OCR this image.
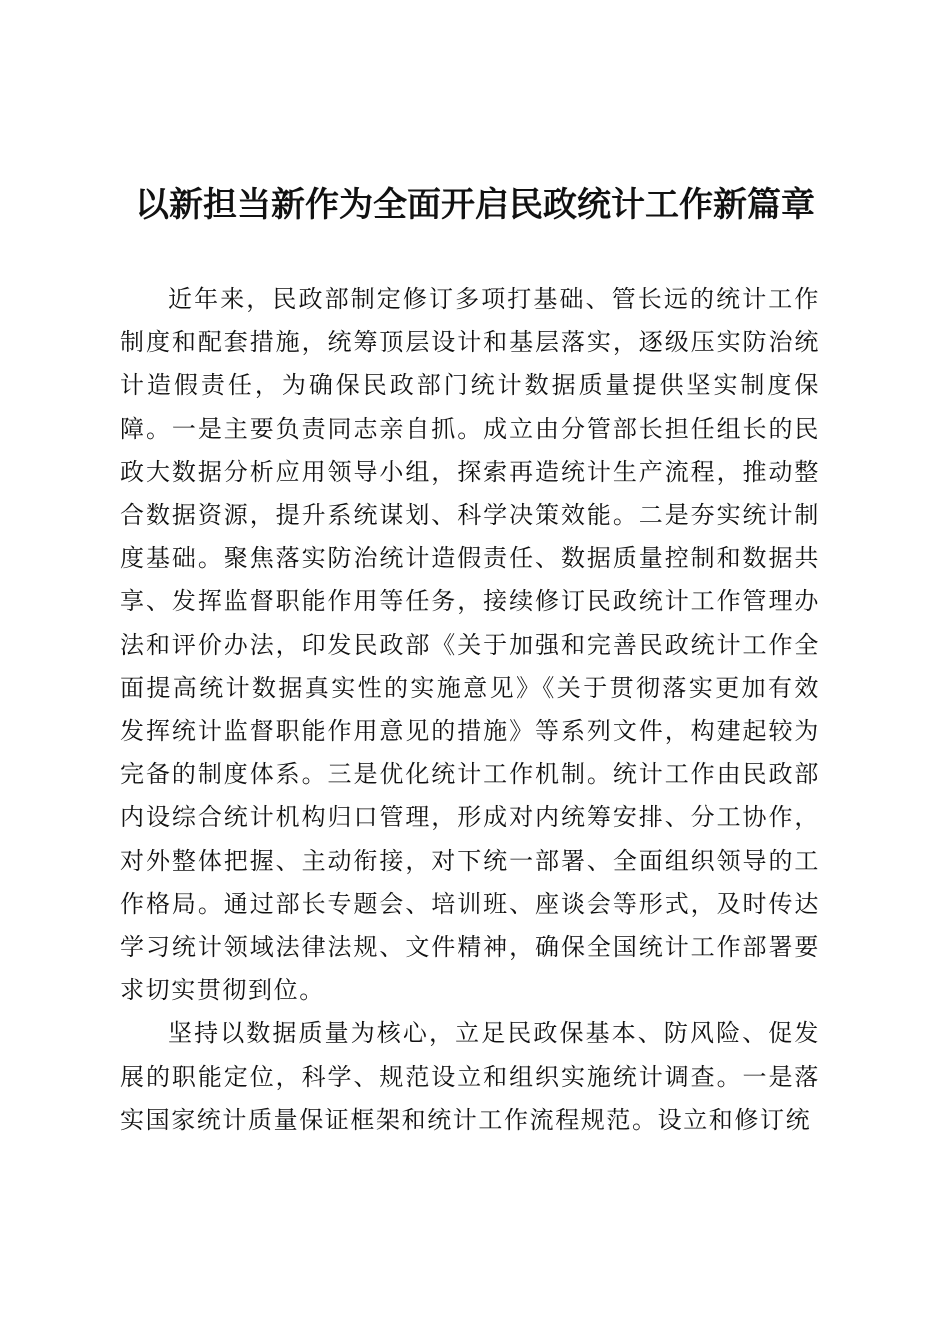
以新担当新作为全面开启民政统计工作新篇章

近年来，民政部制定修订多项打基础、管长远的统计工作制度和配套措施，统筹顶层设计和基层落实，逐级压实防治统计造假责任，为确保民政部门统计数据质量提供坚实制度保障。一是主要负责同志亲自抓。成立由分管部长担任组长的民政大数据分析应用领导小组，探索再造统计生产流程，推动整合数据资源，提升系统谋划、科学决策效能。二是夯实统计制度基础。聚焦落实防治统计造假责任、数据质量控制和数据共享、发挥监督职能作用等任务，接续修订民政统计工作管理办法和评价办法，印发民政部《关于加强和完善民政统计工作全面提高统计数据真实性的实施意见》《关于贯彻落实更加有效发挥统计监督职能作用意见的措施》等系列文件，构建起较为完备的制度体系。三是优化统计工作机制。统计工作由民政部内设综合统计机构归口管理，形成对内统筹安排、分工协作，对外整体把握、主动衔接，对下统一部署、全面组织领导的工作格局。通过部长专题会、培训班、座谈会等形式，及时传达学习统计领域法律法规、文件精神，确保全国统计工作部署要求切实贯彻到位。

坚持以数据质量为核心，立足民政保基本、防风险、促发展的职能定位，科学、规范设立和组织实施统计调查。一是落实国家统计质量保证框架和统计工作流程规范。设立和修订统
